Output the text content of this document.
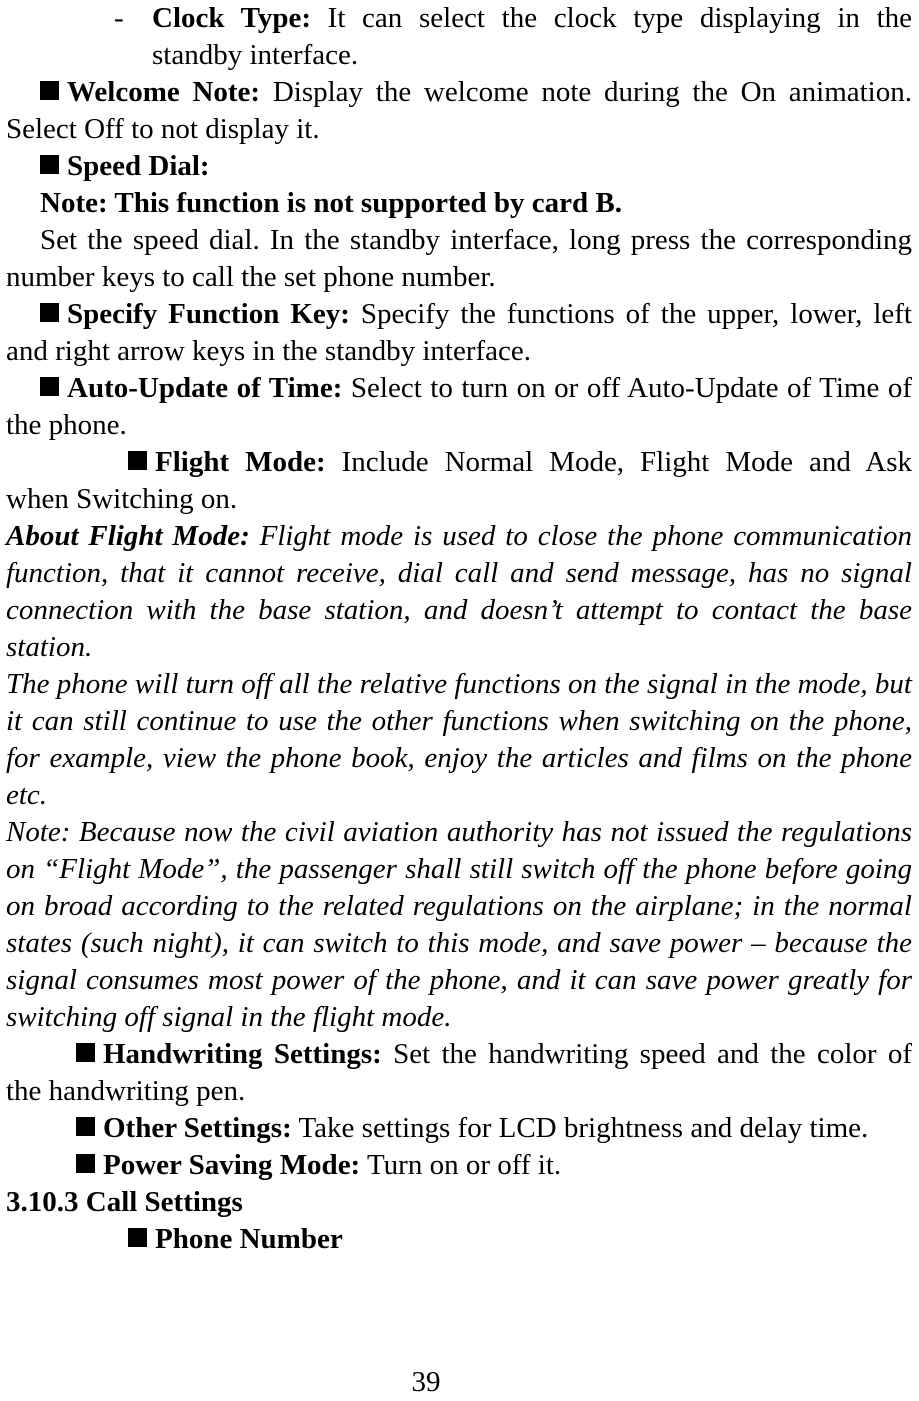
- Clock Type: It can select the clock type displaying in the standby interface.

Welcome Note: Display the welcome note during the On animation. Select Off to not display it.

Speed Dial:

Note: This function is not supported by card B.

Set the speed dial. In the standby interface, long press the corresponding number keys to call the set phone number.

Specify Function Key: Specify the functions of the upper, lower, left and right arrow keys in the standby interface.

Auto-Update of Time: Select to turn on or off Auto-Update of Time of the phone.

Flight Mode: Include Normal Mode, Flight Mode and Ask when Switching on.

About Flight Mode: Flight mode is used to close the phone communication function, that it cannot receive, dial call and send message, has no signal connection with the base station, and doesn’t attempt to contact the base station.

The phone will turn off all the relative functions on the signal in the mode, but it can still continue to use the other functions when switching on the phone, for example, view the phone book, enjoy the articles and films on the phone etc.

Note: Because now the civil aviation authority has not issued the regulations on “Flight Mode”, the passenger shall still switch off the phone before going on broad according to the related regulations on the airplane; in the normal states (such night), it can switch to this mode, and save power – because the signal consumes most power of the phone, and it can save power greatly for switching off signal in the flight mode.

Handwriting Settings: Set the handwriting speed and the color of the handwriting pen.

Other Settings: Take settings for LCD brightness and delay time.

Power Saving Mode: Turn on or off it.

3.10.3 Call Settings

Phone Number

39
